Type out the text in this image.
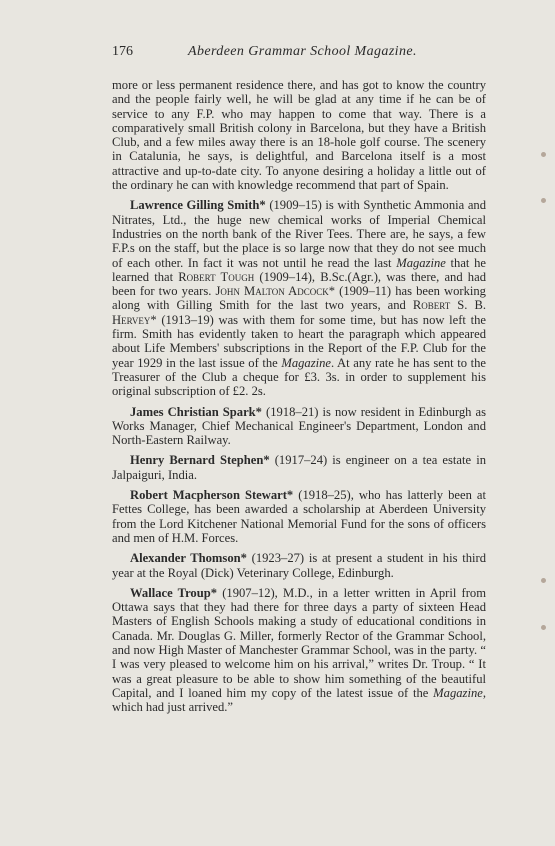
176	Aberdeen Grammar School Magazine.

more or less permanent residence there, and has got to know the country and the people fairly well, he will be glad at any time if he can be of service to any F.P. who may happen to come that way. There is a comparatively small British colony in Barcelona, but they have a British Club, and a few miles away there is an 18-hole golf course. The scenery in Catalunia, he says, is delightful, and Barcelona itself is a most attractive and up-to-date city. To anyone desiring a holiday a little out of the ordinary he can with knowledge recommend that part of Spain.

Lawrence Gilling Smith* (1909–15) is with Synthetic Ammonia and Nitrates, Ltd., the huge new chemical works of Imperial Chemical Industries on the north bank of the River Tees. There are, he says, a few F.P.s on the staff, but the place is so large now that they do not see much of each other. In fact it was not until he read the last Magazine that he learned that Robert Tough (1909–14), B.Sc.(Agr.), was there, and had been for two years. John Malton Adcock* (1909–11) has been working along with Gilling Smith for the last two years, and Robert S. B. Hervey* (1913–19) was with them for some time, but has now left the firm. Smith has evidently taken to heart the paragraph which appeared about Life Members' subscriptions in the Report of the F.P. Club for the year 1929 in the last issue of the Magazine. At any rate he has sent to the Treasurer of the Club a cheque for £3. 3s. in order to supplement his original subscription of £2. 2s.

James Christian Spark* (1918–21) is now resident in Edinburgh as Works Manager, Chief Mechanical Engineer's Department, London and North-Eastern Railway.

Henry Bernard Stephen* (1917–24) is engineer on a tea estate in Jalpaiguri, India.

Robert Macpherson Stewart* (1918–25), who has latterly been at Fettes College, has been awarded a scholarship at Aberdeen University from the Lord Kitchener National Memorial Fund for the sons of officers and men of H.M. Forces.

Alexander Thomson* (1923–27) is at present a student in his third year at the Royal (Dick) Veterinary College, Edinburgh.

Wallace Troup* (1907–12), M.D., in a letter written in April from Ottawa says that they had there for three days a party of sixteen Head Masters of English Schools making a study of educational conditions in Canada. Mr. Douglas G. Miller, formerly Rector of the Grammar School, and now High Master of Manchester Grammar School, was in the party. “ I was very pleased to welcome him on his arrival,” writes Dr. Troup. “ It was a great pleasure to be able to show him something of the beautiful Capital, and I loaned him my copy of the latest issue of the Magazine, which had just arrived.”
